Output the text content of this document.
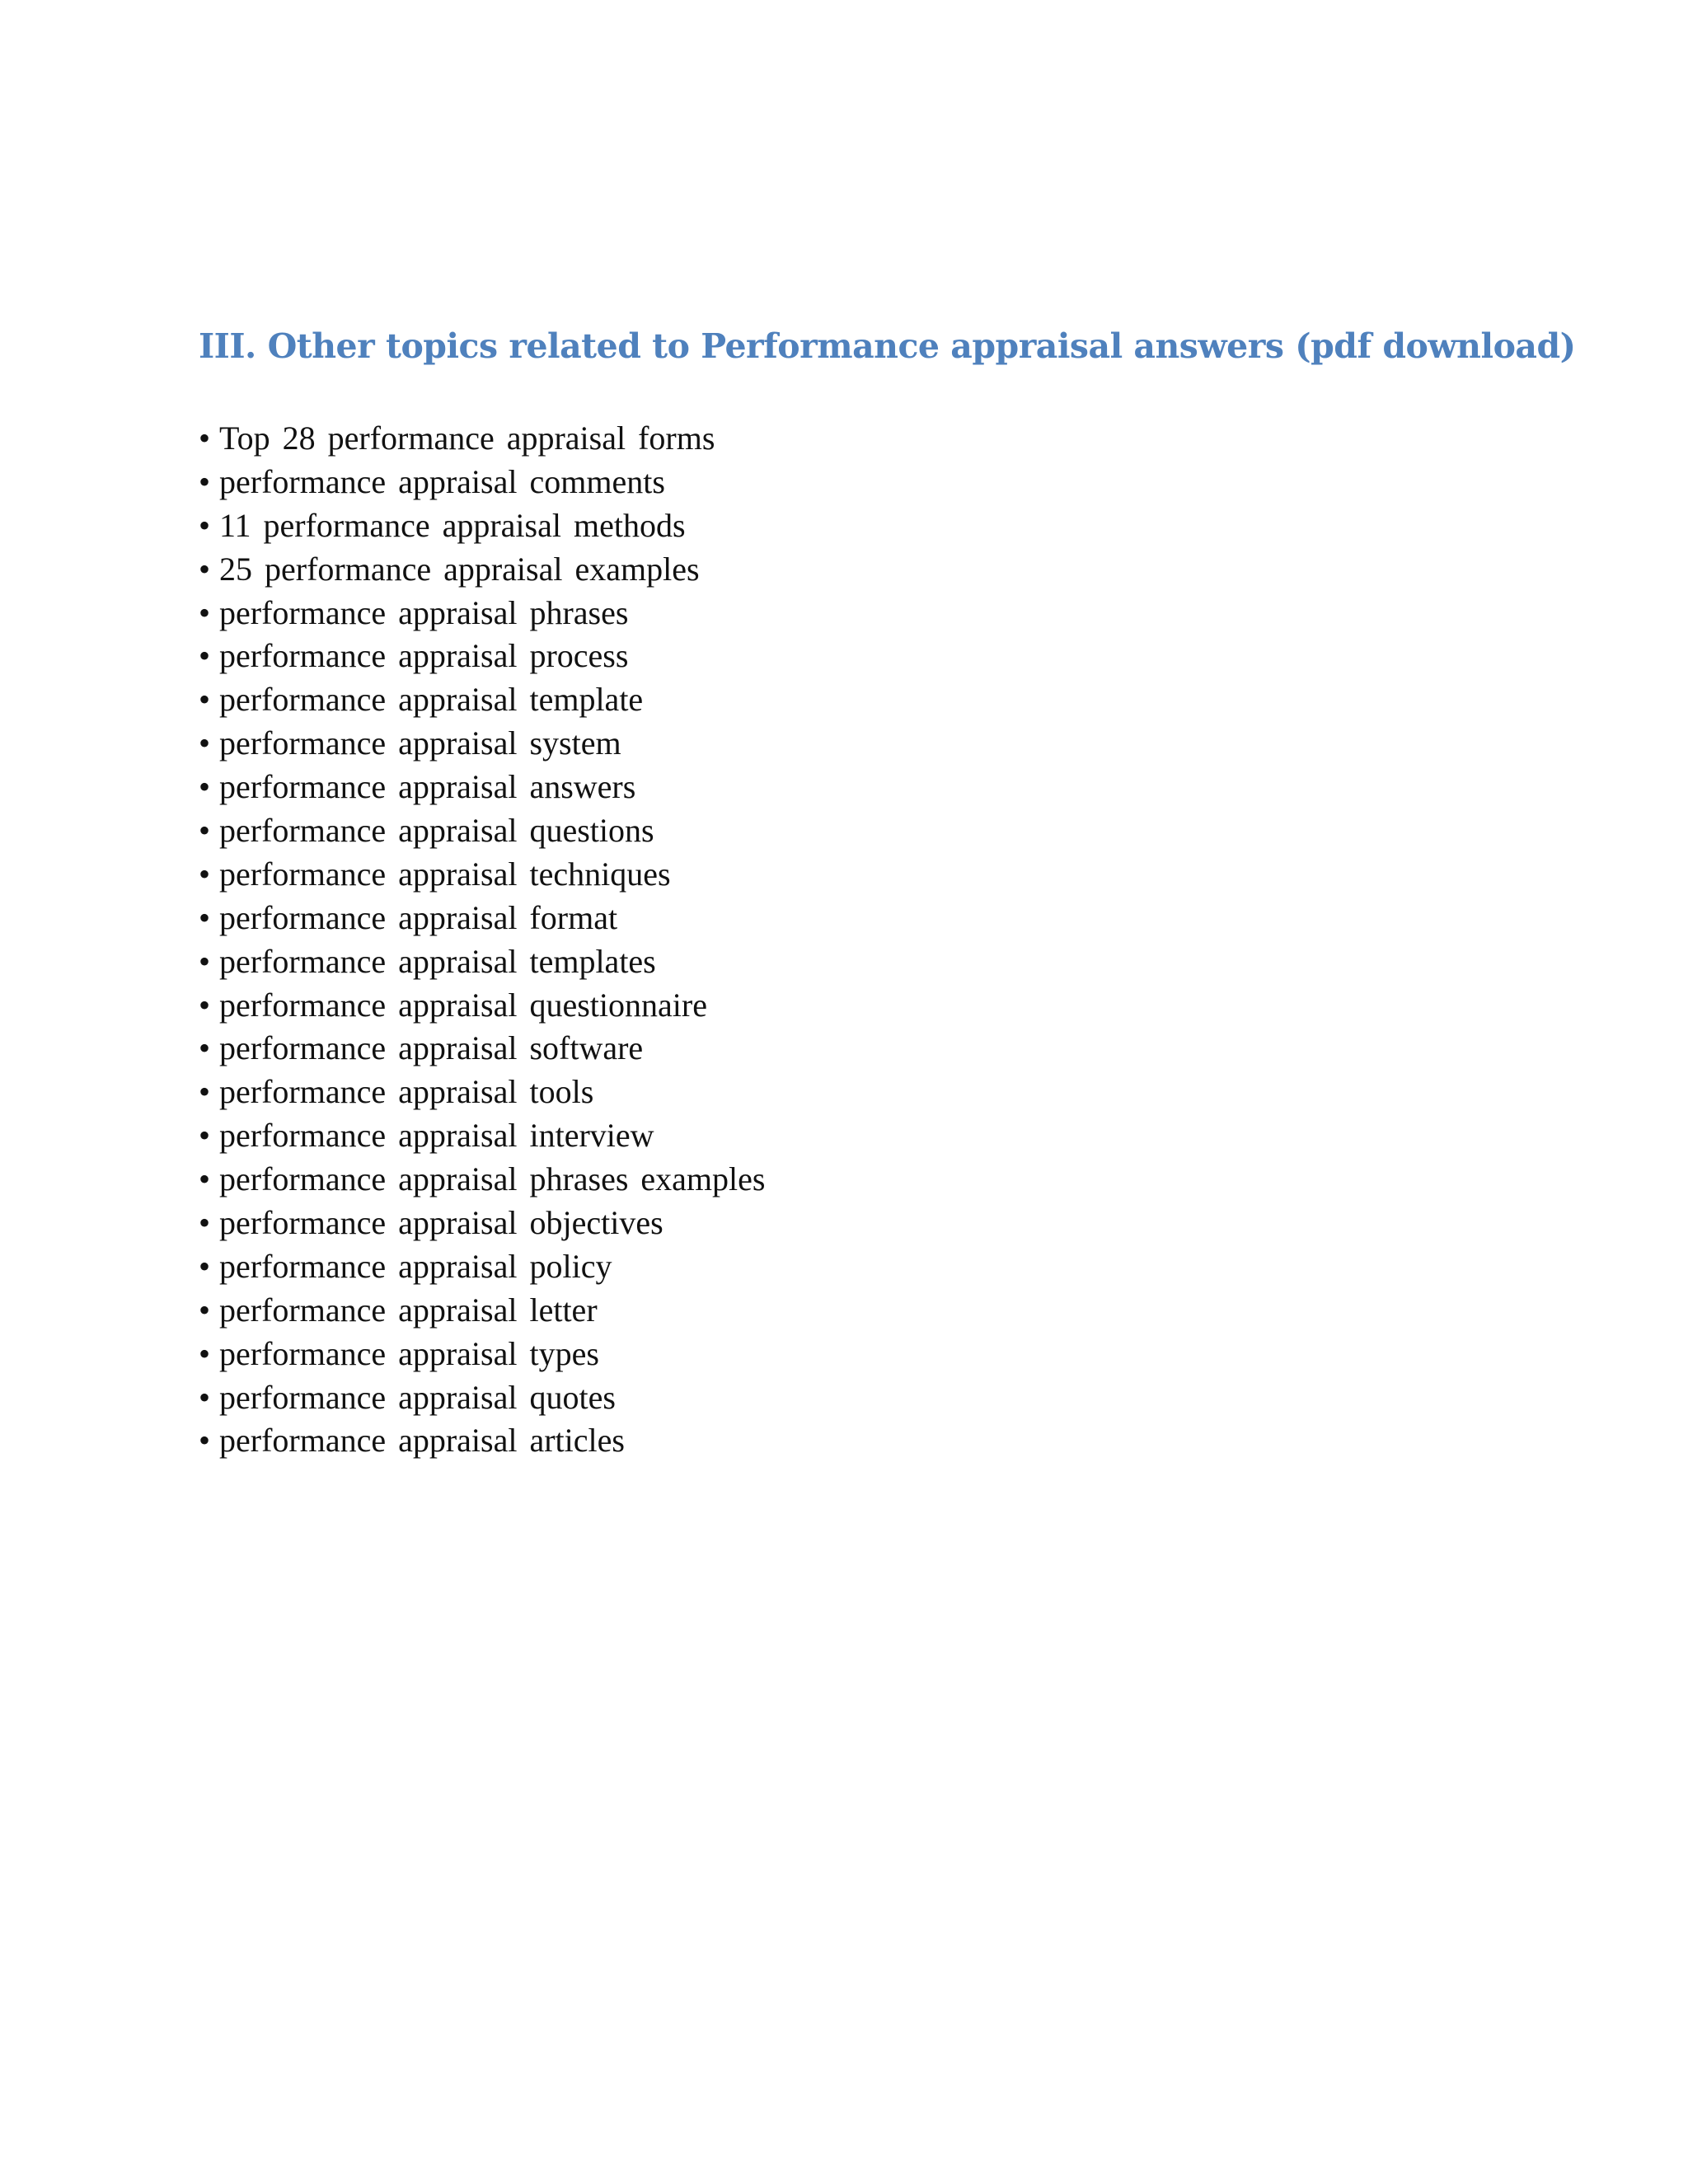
III. Other topics related to Performance appraisal answers (pdf download)
• Top 28 performance appraisal forms
• performance appraisal comments
• 11 performance appraisal methods
• 25 performance appraisal examples
• performance appraisal phrases
• performance appraisal process
• performance appraisal template
• performance appraisal system
• performance appraisal answers
• performance appraisal questions
• performance appraisal techniques
• performance appraisal format
• performance appraisal templates
• performance appraisal questionnaire
• performance appraisal software
• performance appraisal tools
• performance appraisal interview
• performance appraisal phrases examples
• performance appraisal objectives
• performance appraisal policy
• performance appraisal letter
• performance appraisal types
• performance appraisal quotes
• performance appraisal articles
